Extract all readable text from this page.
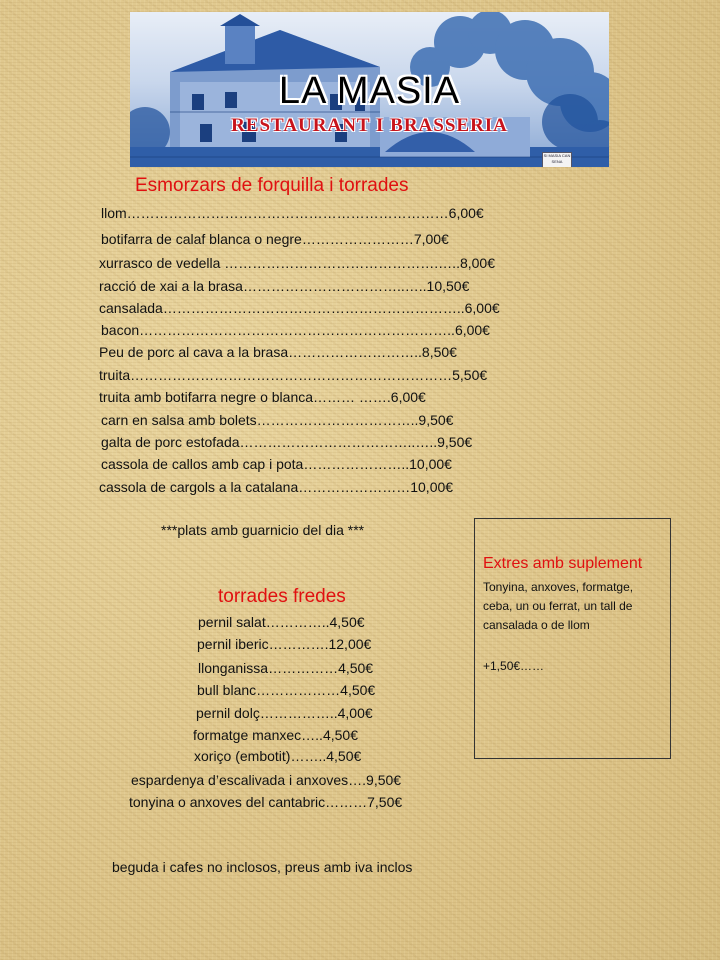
LA MASIA
RESTAURANT I BRASSERIA
SI MASIA CAN SENA
Esmorzars de forquilla i torrades
llom……………………………………………………………6,00€
botifarra de calaf blanca o negre……………………7,00€
xurrasco de vedella ……………………………………….…..8,00€
racció de xai a la brasa……………………………..…..10,50€
cansalada………………………………………………………..6,00€
bacon…………………………………………………………..6,00€
Peu de porc al cava a la brasa………………………..8,50€
truita……………………………………………………………5,50€
truita amb botifarra negre o blanca……… …….6,00€
carn en salsa amb bolets……………………………..9,50€
galta de porc estofada………………………………..…..9,50€
cassola de callos amb cap i pota…………………..10,00€
cassola de cargols a la catalana……………………10,00€
***plats amb guarnicio del dia ***
torrades fredes
pernil salat…………..4,50€
pernil iberic………….12,00€
llonganissa……………4,50€
bull blanc………………4,50€
pernil dolç……………..4,00€
formatge manxec…..4,50€
xoriço (embotit)……..4,50€
espardenya d’escalivada i anxoves….9,50€
tonyina o anxoves del cantabric………7,50€

Extres amb suplement

Tonyina, anxoves, formatge, ceba, un ou ferrat, un tall de cansalada o de llom

+1,50€……
beguda i cafes no inclosos, preus amb iva inclos
